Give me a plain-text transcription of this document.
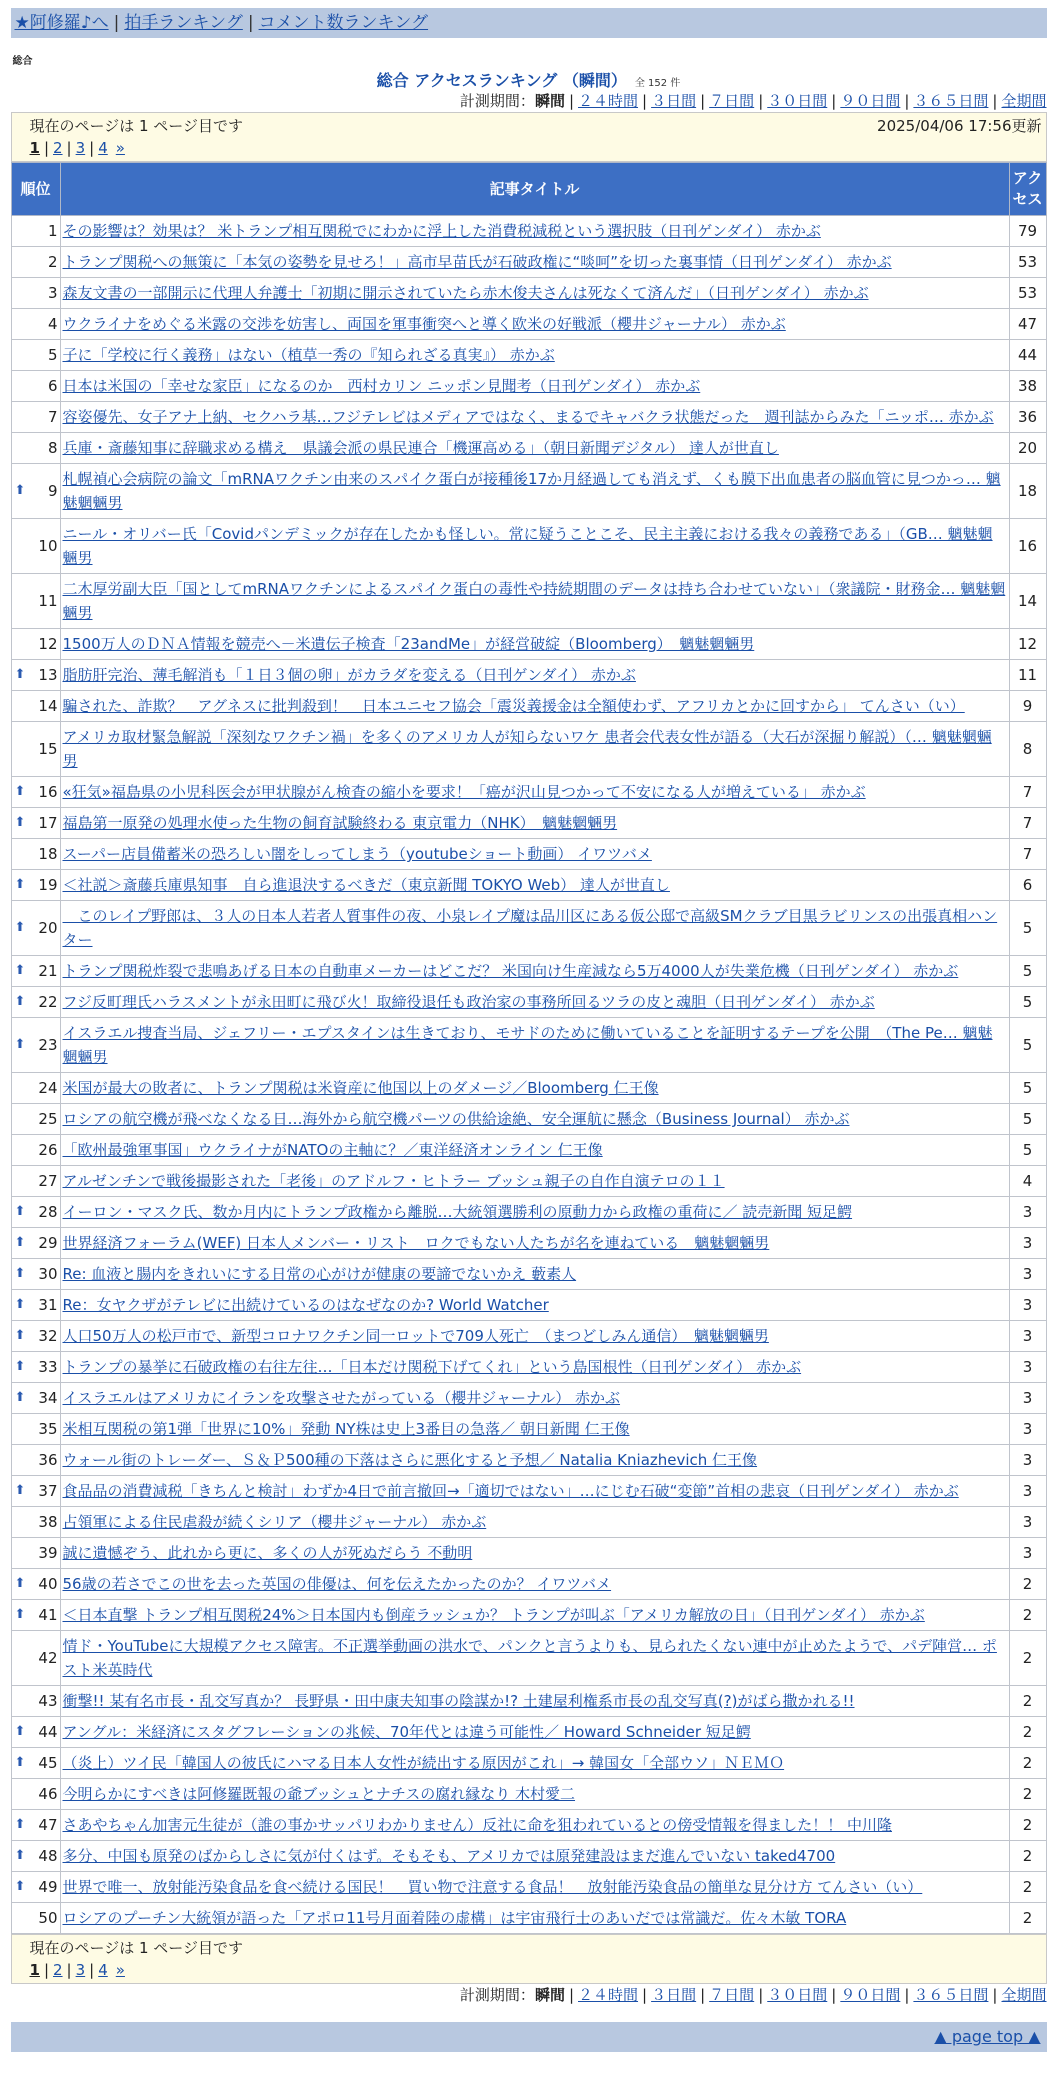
★阿修羅♪へ | 拍手ランキング | コメント数ランキング
総合
総合 アクセスランキング （瞬間） 全 152 件
計測期間：瞬間 | ２４時間 | ３日間 | ７日間 | ３０日間 | ９０日間 | ３６５日間 | 全期間
現在のページは 1 ページ目です	2025/04/06 17:56更新
1 | 2 | 3 | 4 »
順位	記事タイトル	アクセス
1	その影響は？効果は？ 米トランプ相互関税でにわかに浮上した消費税減税という選択肢（日刊ゲンダイ） 赤かぶ	79
2	トランプ関税への無策に「本気の姿勢を見せろ！」高市早苗氏が石破政権に“啖呵”を切った裏事情（日刊ゲンダイ） 赤かぶ	53
3	森友文書の一部開示に代理人弁護士「初期に開示されていたら赤木俊夫さんは死なくて済んだ」（日刊ゲンダイ） 赤かぶ	53
4	ウクライナをめぐる米露の交渉を妨害し、両国を軍事衝突へと導く欧米の好戦派（櫻井ジャーナル） 赤かぶ	47
5	子に「学校に行く義務」はない（植草一秀の『知られざる真実』） 赤かぶ	44
6	日本は米国の「幸せな家臣」になるのか　西村カリン ニッポン見聞考（日刊ゲンダイ） 赤かぶ	38
7	容姿優先、女子アナ上納、セクハラ基…フジテレビはメディアではなく、まるでキャバクラ状態だった　週刊誌からみた「ニッポ… 赤かぶ	36
8	兵庫・斎藤知事に辞職求める構え　県議会派の県民連合「機運高める」（朝日新聞デジタル） 達人が世直し	20

⬆ 9	札幌禎心会病院の論文「mRNAワクチン由来のスパイク蛋白が接種後17か月経過しても消えず、くも膜下出血患者の脳血管に見つかっ… 魑魅魍魎男	18
10	ニール・オリバー氏「Covidパンデミックが存在したかも怪しい。常に疑うことこそ、民主主義における我々の義務である」（GB… 魑魅魍魎男	16
11	二木厚労副大臣「国としてmRNAワクチンによるスパイク蛋白の毒性や持続期間のデータは持ち合わせていない」（衆議院・財務金… 魑魅魍魎男	14
12	1500万人のＤＮＡ情報を競売へ－米遺伝子検査「23andMe」が経営破綻（Bloomberg）　魑魅魍魎男	12

⬆ 13	脂肪肝完治、薄毛解消も「１日３個の卵」がカラダを変える（日刊ゲンダイ） 赤かぶ	11
14	騙された、詐欺？　アグネスに批判殺到！　日本ユニセフ協会「震災義援金は全額使わず、アフリカとかに回すから」 てんさい（い）	9
15	アメリカ取材緊急解説「深刻なワクチン禍」を多くのアメリカ人が知らないワケ 患者会代表女性が語る（大石が深掘り解説）（… 魑魅魍魎男	8

⬆ 16	«狂気»福島県の小児科医会が甲状腺がん検査の縮小を要求！「癌が沢山見つかって不安になる人が増えている」 赤かぶ	7

⬆ 17	福島第一原発の処理水使った生物の飼育試験終わる 東京電力（NHK）　魑魅魍魎男	7
18	スーパー店員備蓄米の恐ろしい闇をしってしまう（youtubeショート動画） イワツバメ	7

⬆ 19	＜社説＞斎藤兵庫県知事　自ら進退決するべきだ（東京新聞 TOKYO Web） 達人が世直し	6

⬆ 20	　このレイプ野郎は、３人の日本人若者人質事件の夜、小泉レイプ魔は品川区にある仮公邸で高級SMクラブ目黒ラビリンスの出張真相ハンター	5

⬆ 21	トランプ関税炸裂で悲鳴あげる日本の自動車メーカーはどこだ？ 米国向け生産減なら5万4000人が失業危機（日刊ゲンダイ） 赤かぶ	5

⬆ 22	フジ反町理氏ハラスメントが永田町に飛び火！取締役退任も政治家の事務所回るツラの皮と魂胆（日刊ゲンダイ） 赤かぶ	5

⬆ 23	イスラエル捜査当局、ジェフリー・エプスタインは生きており、モサドのために働いていることを証明するテープを公開　（The Pe… 魑魅魍魎男	5
24	米国が最大の敗者に、トランプ関税は米資産に他国以上のダメージ／Bloomberg 仁王像	5
25	ロシアの航空機が飛べなくなる日…海外から航空機パーツの供給途絶、安全運航に懸念（Business Journal） 赤かぶ	5
26	「欧州最強軍事国」ウクライナがNATOの主軸に？／東洋経済オンライン 仁王像	5
27	アルゼンチンで戦後撮影された「老後」のアドルフ・ヒトラー ブッシュ親子の自作自演テロの１１	4

⬆ 28	イーロン・マスク氏、数か月内にトランプ政権から離脱…大統領選勝利の原動力から政権の重荷に／ 読売新聞 短足鰐	3

⬆ 29	世界経済フォーラム(WEF) 日本人メンバー・リスト　ロクでもない人たちが名を連ねている　魑魅魍魎男	3

⬆ 30	Re: 血液と腸内をきれいにする日常の心がけが健康の要諦でないかえ 藪素人	3

⬆ 31	Re：女ヤクザがテレビに出続けているのはなぜなのか? World Watcher	3

⬆ 32	人口50万人の松戸市で、新型コロナワクチン同一ロットで709人死亡　（まつどしみん通信）　魑魅魍魎男	3

⬆ 33	トランプの暴挙に石破政権の右往左往…「日本だけ関税下げてくれ」という島国根性（日刊ゲンダイ） 赤かぶ	3

⬆ 34	イスラエルはアメリカにイランを攻撃させたがっている（櫻井ジャーナル） 赤かぶ	3
35	米相互関税の第1弾「世界に10%」発動 NY株は史上3番目の急落／ 朝日新聞 仁王像	3
36	ウォール街のトレーダー、Ｓ＆Ｐ500種の下落はさらに悪化すると予想／ Natalia Kniazhevich 仁王像	3

⬆ 37	食品品の消費減税「きちんと検討」わずか4日で前言撤回→「適切ではない」…にじむ石破“変節”首相の悲哀（日刊ゲンダイ） 赤かぶ	3
38	占領軍による住民虐殺が続くシリア（櫻井ジャーナル） 赤かぶ	3
39	誠に遺憾ぞう、此れから更に、多くの人が死ぬだらう 不動明	3

⬆ 40	56歳の若さでこの世を去った英国の俳優は、何を伝えたかったのか？ イワツバメ	2

⬆ 41	＜日本直撃 トランプ相互関税24%＞日本国内も倒産ラッシュか？ トランプが叫ぶ「アメリカ解放の日」（日刊ゲンダイ） 赤かぶ	2
42	情ド・YouTubeに大規模アクセス障害。不正選挙動画の洪水で、パンクと言うよりも、見られたくない連中が止めたようで、パデ陣営… ポスト米英時代	2
43	衝撃!! 某有名市長・乱交写真か？ 長野県・田中康夫知事の陰謀か!? 土建屋利権系市長の乱交写真(?)がばら撒かれる!!	2

⬆ 44	アングル：米経済にスタグフレーションの兆候、70年代とは違う可能性／ Howard Schneider 短足鰐	2

⬆ 45	（炎上）ツイ民「韓国人の彼氏にハマる日本人女性が続出する原因がこれ」→ 韓国女「全部ウソ」ＮＥＭＯ	2
46	今明らかにすべきは阿修羅既報の爺ブッシュとナチスの腐れ縁なり 木村愛二	2

⬆ 47	さあやちゃん加害元生徒が（誰の事かサッパリわかりません）反社に命を狙われているとの傍受情報を得ました！！ 中川隆	2

⬆ 48	多分、中国も原発のばからしさに気が付くはず。そもそも、アメリカでは原発建設はまだ進んでいない taked4700	2

⬆ 49	世界で唯一、放射能汚染食品を食べ続ける国民！　買い物で注意する食品！　放射能汚染食品の簡単な見分け方 てんさい（い）	2
50	ロシアのプーチン大統領が語った「アポロ11号月面着陸の虚構」は宇宙飛行士のあいだでは常識だ。佐々木敏 TORA	2
現在のページは 1 ページ目です
1 | 2 | 3 | 4 »
計測期間：瞬間 | ２４時間 | ３日間 | ７日間 | ３０日間 | ９０日間 | ３６５日間 | 全期間
▲ page top ▲
